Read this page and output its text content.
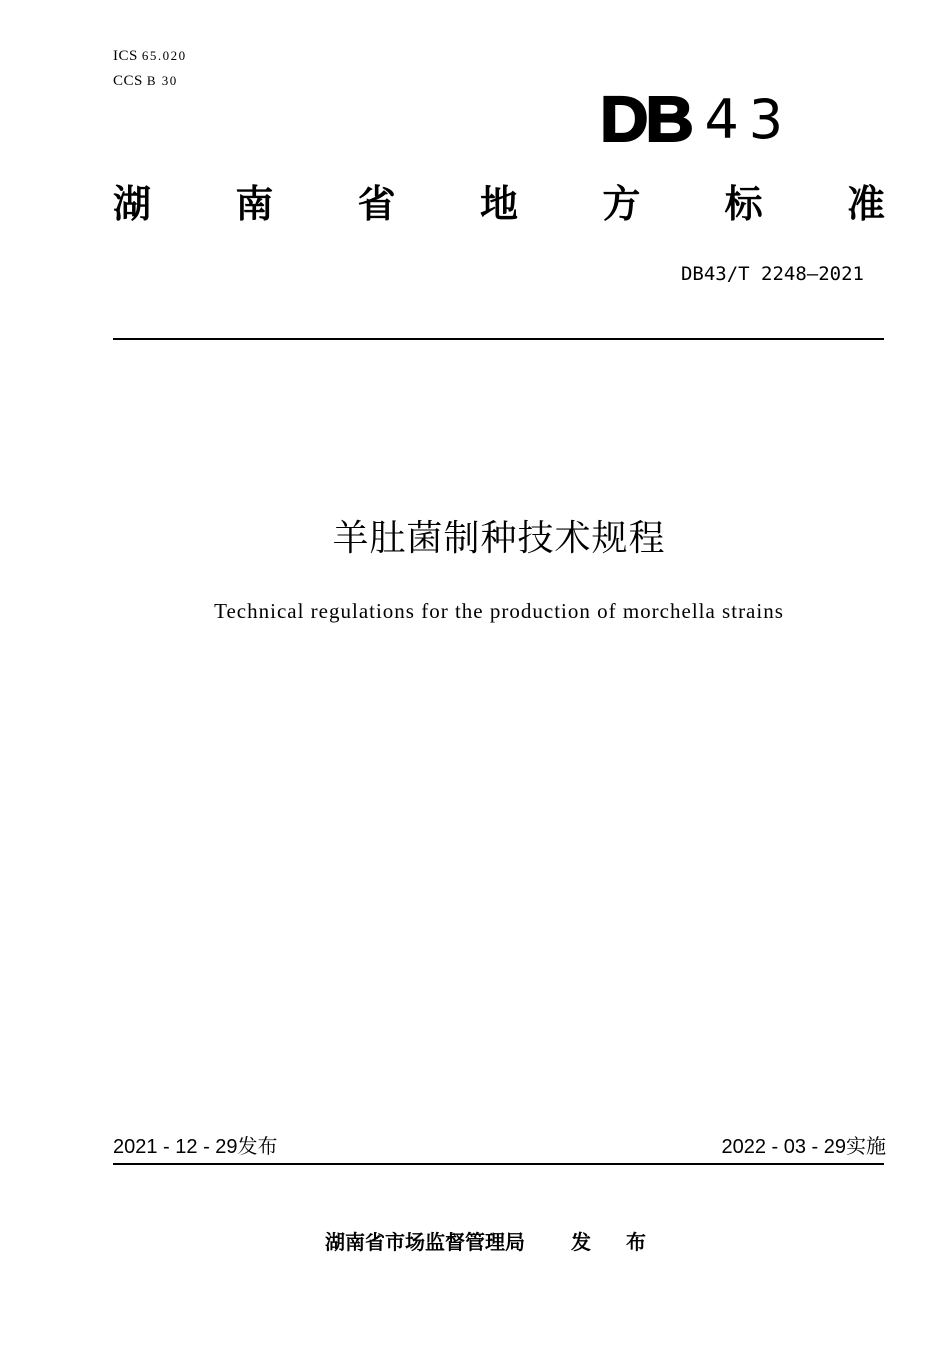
ICS 65.020
CCS B 30
DB 43
湖 南 省 地 方 标 准
DB43/T 2248—2021
羊肚菌制种技术规程
Technical regulations for the production of morchella strains
2021 - 12 - 29发布	2022 - 03 - 29实施
湖南省市场监督管理局 发 布
